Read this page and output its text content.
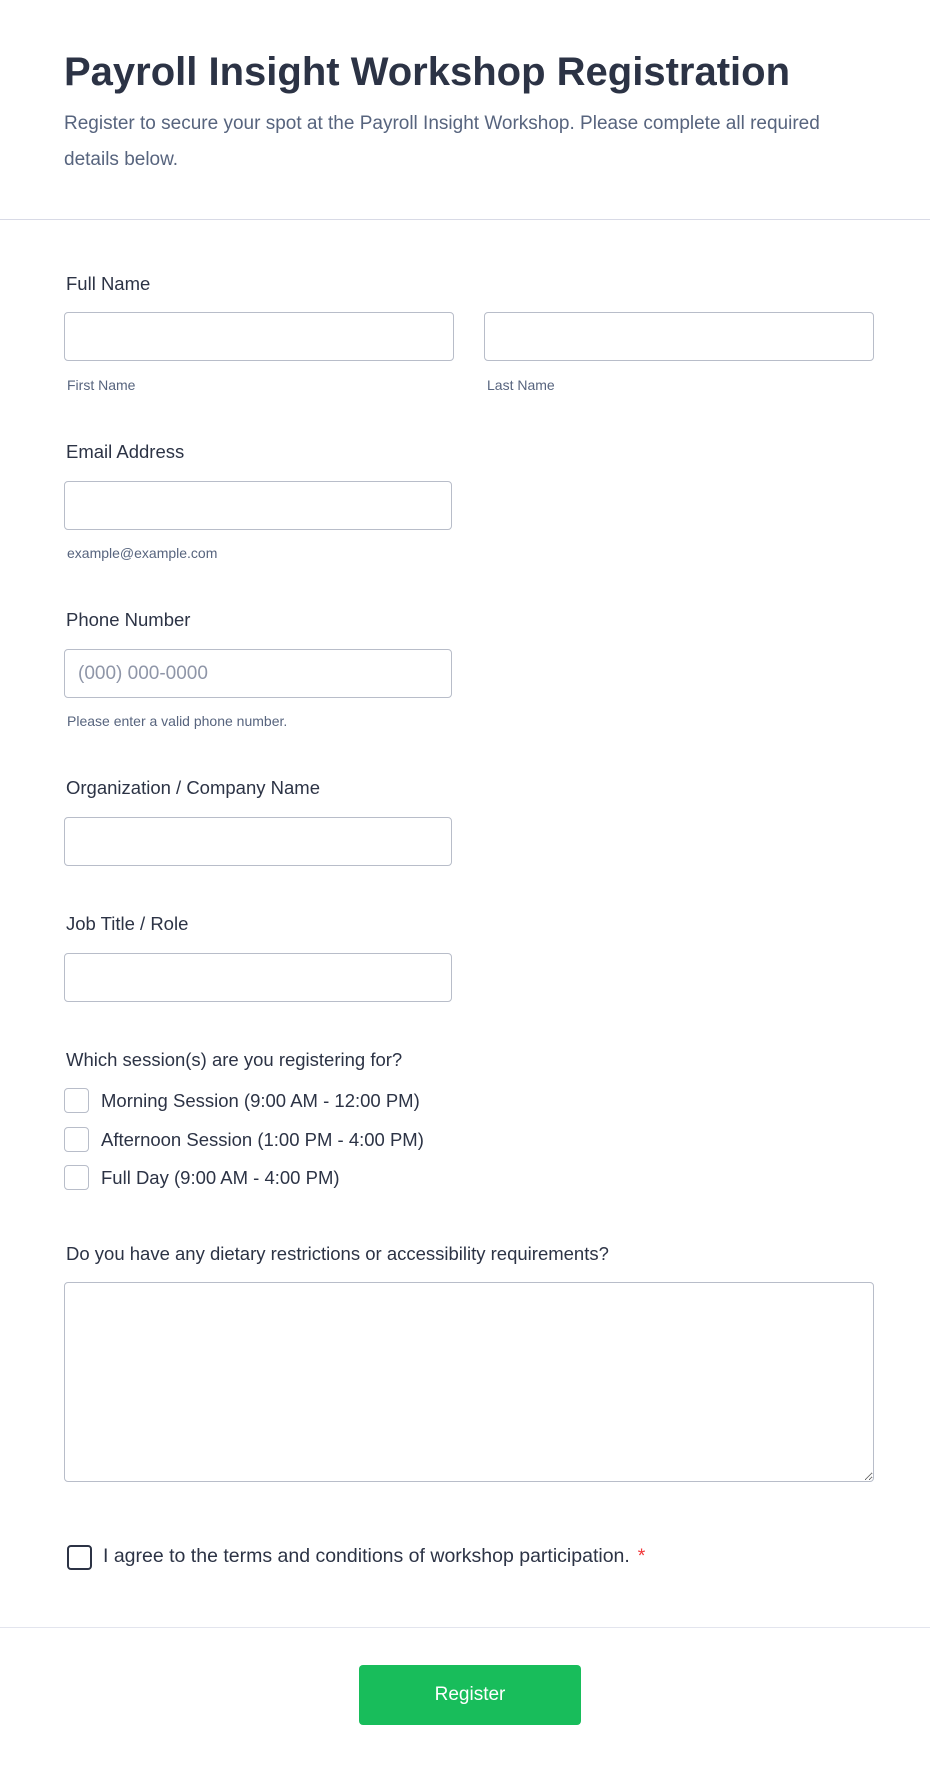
Payroll Insight Workshop Registration
Register to secure your spot at the Payroll Insight Workshop. Please complete all required details below.
Full Name
First Name	Last Name
Email Address
example@example.com
Phone Number
(000) 000-0000
Please enter a valid phone number.
Organization / Company Name
Job Title / Role
Which session(s) are you registering for?
Morning Session (9:00 AM - 12:00 PM)
Afternoon Session (1:00 PM - 4:00 PM)
Full Day (9:00 AM - 4:00 PM)
Do you have any dietary restrictions or accessibility requirements?
I agree to the terms and conditions of workshop participation. *
Register
